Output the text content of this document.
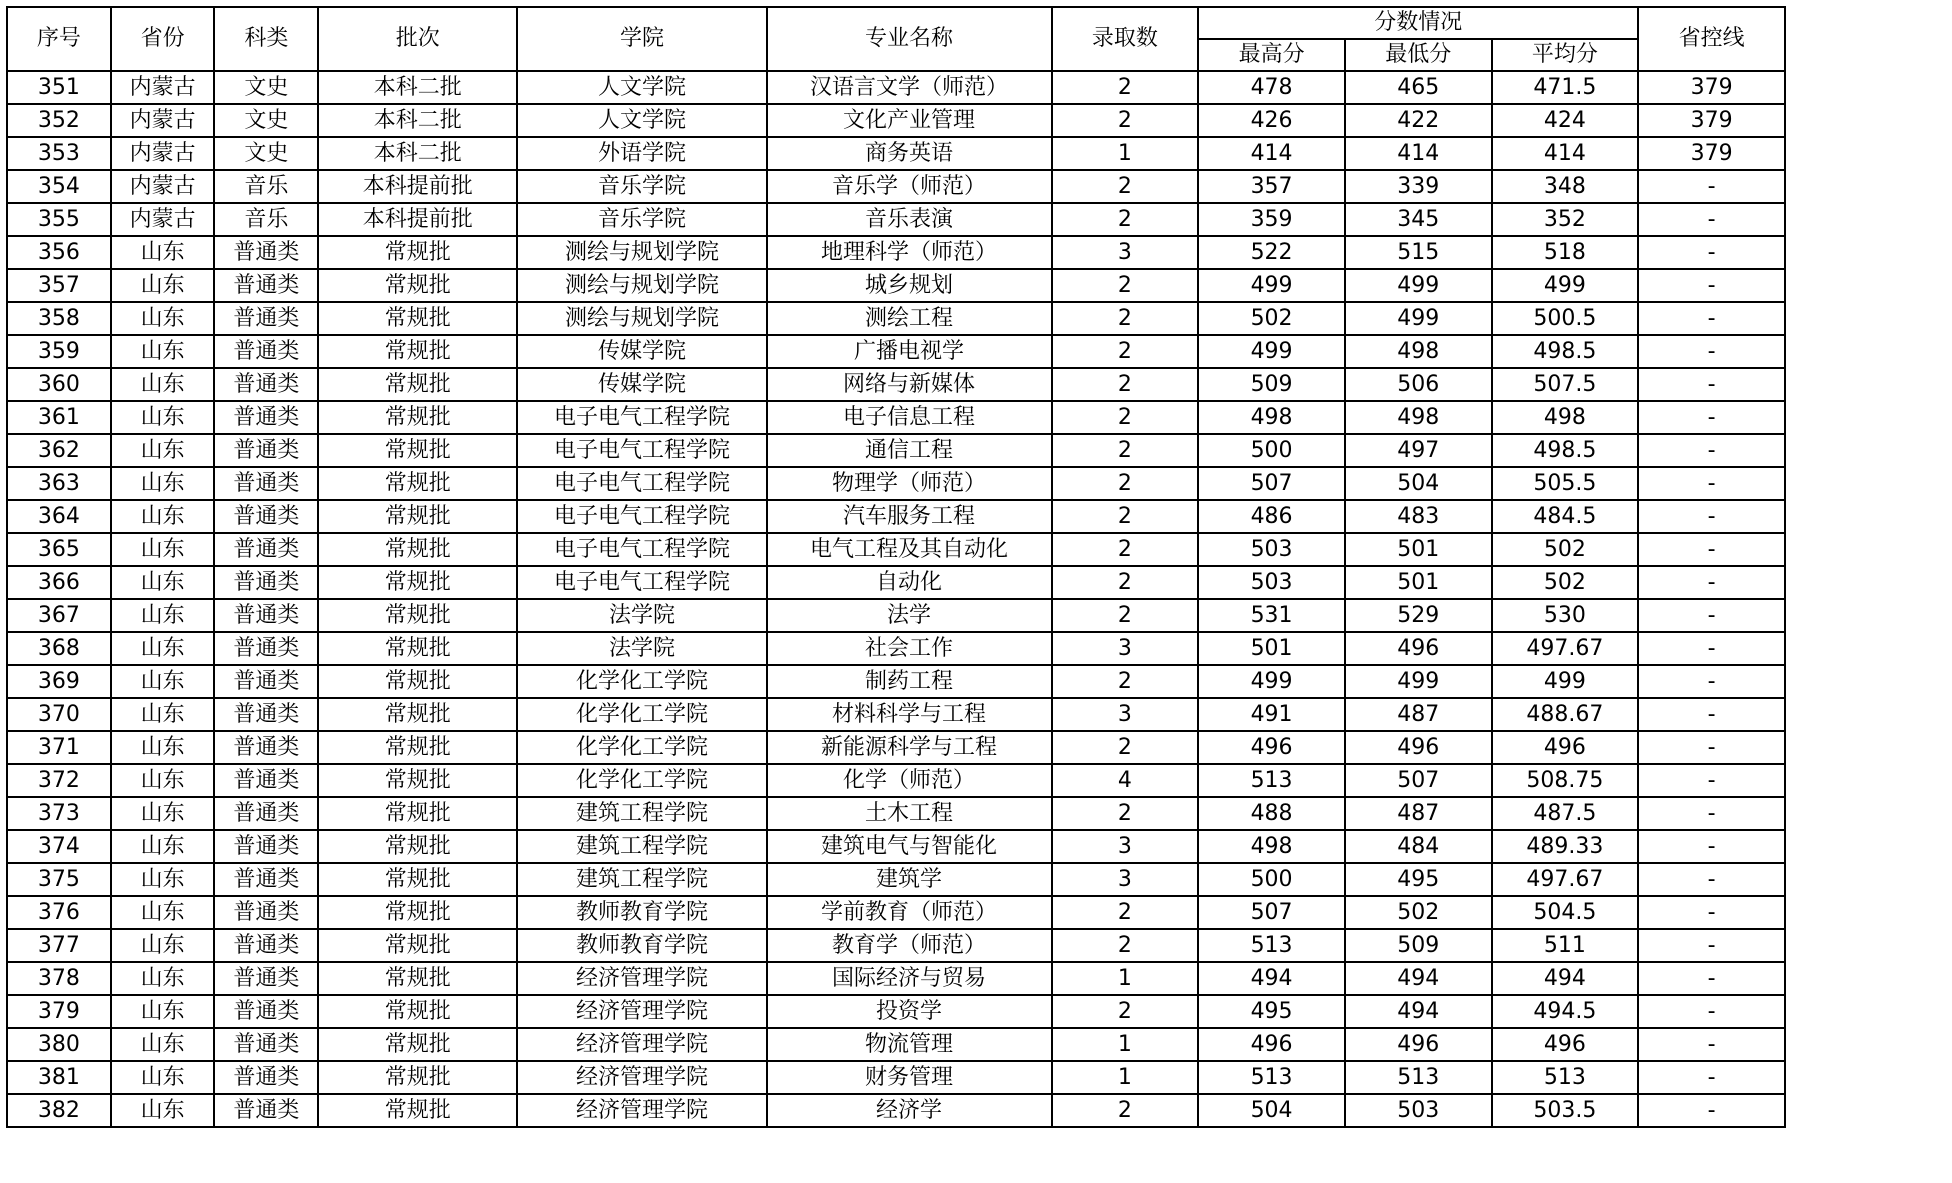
序号	省份	科类	批次	学院	专业名称	录取数	分数情况			省控线
							最高分	最低分	平均分	
351	内蒙古	文史	本科二批	人文学院	汉语言文学（师范）	2	478	465	471.5	379
352	内蒙古	文史	本科二批	人文学院	文化产业管理	2	426	422	424	379
353	内蒙古	文史	本科二批	外语学院	商务英语	1	414	414	414	379
354	内蒙古	音乐	本科提前批	音乐学院	音乐学（师范）	2	357	339	348	-
355	内蒙古	音乐	本科提前批	音乐学院	音乐表演	2	359	345	352	-
356	山东	普通类	常规批	测绘与规划学院	地理科学（师范）	3	522	515	518	-
357	山东	普通类	常规批	测绘与规划学院	城乡规划	2	499	499	499	-
358	山东	普通类	常规批	测绘与规划学院	测绘工程	2	502	499	500.5	-
359	山东	普通类	常规批	传媒学院	广播电视学	2	499	498	498.5	-
360	山东	普通类	常规批	传媒学院	网络与新媒体	2	509	506	507.5	-
361	山东	普通类	常规批	电子电气工程学院	电子信息工程	2	498	498	498	-
362	山东	普通类	常规批	电子电气工程学院	通信工程	2	500	497	498.5	-
363	山东	普通类	常规批	电子电气工程学院	物理学（师范）	2	507	504	505.5	-
364	山东	普通类	常规批	电子电气工程学院	汽车服务工程	2	486	483	484.5	-
365	山东	普通类	常规批	电子电气工程学院	电气工程及其自动化	2	503	501	502	-
366	山东	普通类	常规批	电子电气工程学院	自动化	2	503	501	502	-
367	山东	普通类	常规批	法学院	法学	2	531	529	530	-
368	山东	普通类	常规批	法学院	社会工作	3	501	496	497.67	-
369	山东	普通类	常规批	化学化工学院	制药工程	2	499	499	499	-
370	山东	普通类	常规批	化学化工学院	材料科学与工程	3	491	487	488.67	-
371	山东	普通类	常规批	化学化工学院	新能源科学与工程	2	496	496	496	-
372	山东	普通类	常规批	化学化工学院	化学（师范）	4	513	507	508.75	-
373	山东	普通类	常规批	建筑工程学院	土木工程	2	488	487	487.5	-
374	山东	普通类	常规批	建筑工程学院	建筑电气与智能化	3	498	484	489.33	-
375	山东	普通类	常规批	建筑工程学院	建筑学	3	500	495	497.67	-
376	山东	普通类	常规批	教师教育学院	学前教育（师范）	2	507	502	504.5	-
377	山东	普通类	常规批	教师教育学院	教育学（师范）	2	513	509	511	-
378	山东	普通类	常规批	经济管理学院	国际经济与贸易	1	494	494	494	-
379	山东	普通类	常规批	经济管理学院	投资学	2	495	494	494.5	-
380	山东	普通类	常规批	经济管理学院	物流管理	1	496	496	496	-
381	山东	普通类	常规批	经济管理学院	财务管理	1	513	513	513	-
382	山东	普通类	常规批	经济管理学院	经济学	2	504	503	503.5	-
